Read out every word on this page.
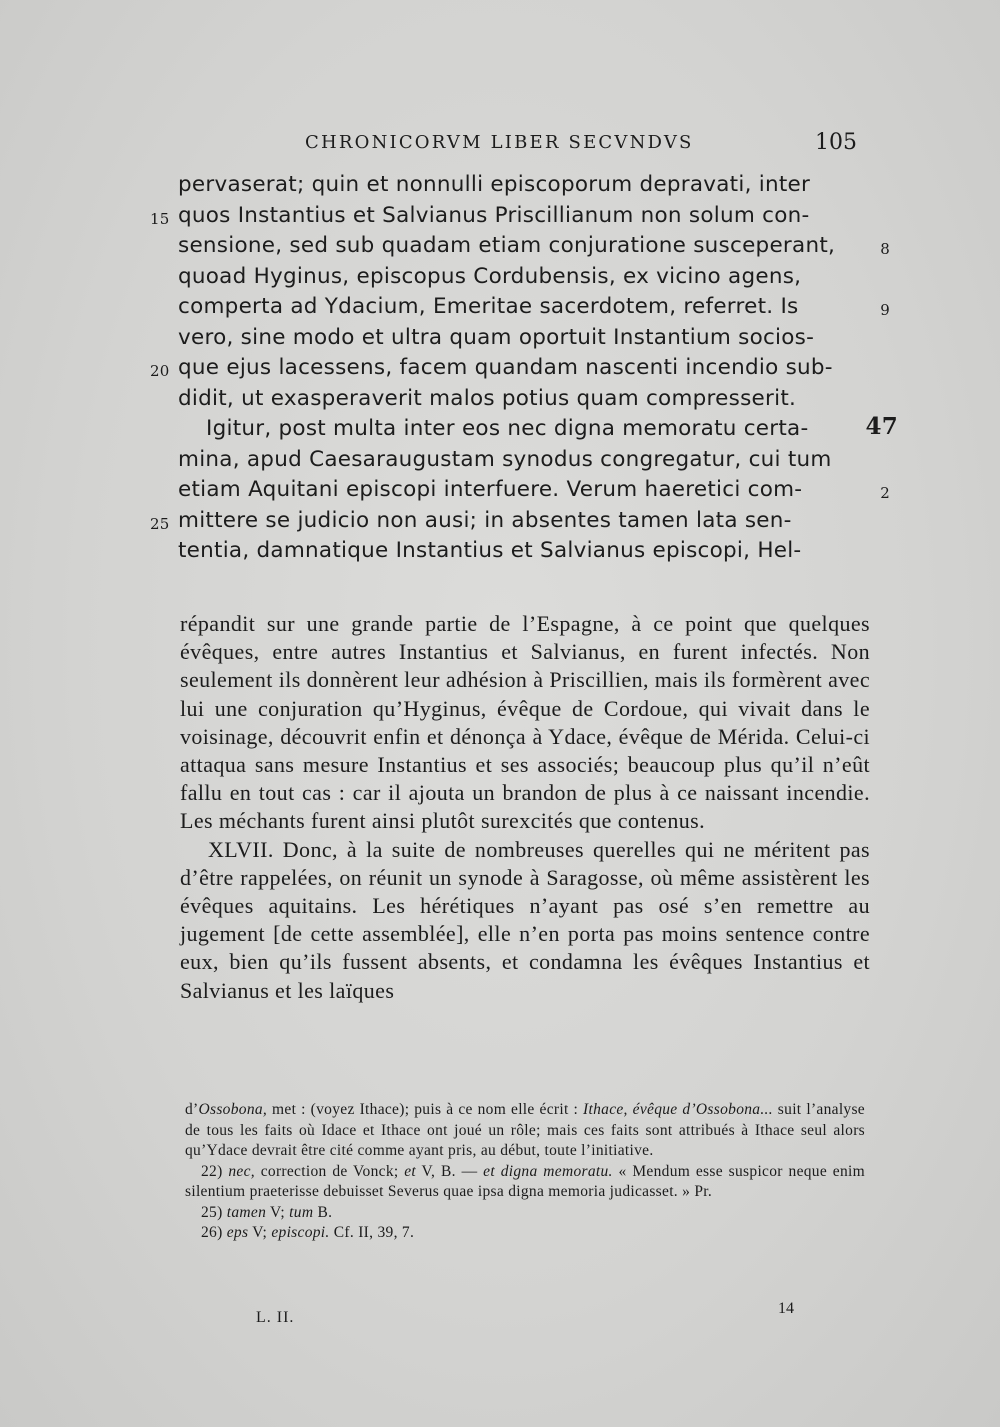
CHRONICORVM LIBER SECVNDVS	105
pervaserat; quin et nonnulli episcoporum depravati, inter
quos Instantius et Salvianus Priscillianum non solum con-
15
sensione, sed sub quadam etiam conjuratione susceperant,	8
quoad Hyginus, episcopus Cordubensis, ex vicino agens,
comperta ad Ydacium, Emeritae sacerdotem, referret. Is	9
vero, sine modo et ultra quam oportuit Instantium socios-
que ejus lacessens, facem quandam nascenti incendio sub-
20
didit, ut exasperaverit malos potius quam compresserit.
Igitur, post multa inter eos nec digna memoratu certa- 47
mina, apud Caesaraugustam synodus congregatur, cui tum
etiam Aquitani episcopi interfuere. Verum haeretici com-	2
mittere se judicio non ausi; in absentes tamen lata sen-
25
tentia, damnatique Instantius et Salvianus episcopi, Hel-

répandit sur une grande partie de l’Espagne, à ce point que quelques évêques, entre autres Instantius et Salvianus, en furent infectés. Non seulement ils donnèrent leur adhésion à Priscillien, mais ils formèrent avec lui une conjuration qu’Hyginus, évêque de Cordoue, qui vivait dans le voisinage, découvrit enfin et dénonça à Ydace, évêque de Mérida. Celui-ci attaqua sans mesure Instantius et ses associés; beaucoup plus qu’il n’eût fallu en tout cas : car il ajouta un brandon de plus à ce naissant incendie. Les méchants furent ainsi plutôt surexcités que contenus.

XLVII. Donc, à la suite de nombreuses querelles qui ne méritent pas d’être rappelées, on réunit un synode à Saragosse, où même assistèrent les évêques aquitains. Les hérétiques n’ayant pas osé s’en remettre au jugement [de cette assemblée], elle n’en porta pas moins sentence contre eux, bien qu’ils fussent absents, et condamna les évêques Instantius et Salvianus et les laïques

d’Ossobona, met : (voyez Ithace); puis à ce nom elle écrit : Ithace, évêque d’Ossobona... suit l’analyse de tous les faits où Idace et Ithace ont joué un rôle; mais ces faits sont attribués à Ithace seul alors qu’Ydace devrait être cité comme ayant pris, au début, toute l’initiative.

22) nec, correction de Vonck; et V, B. — et digna memoratu. « Mendum esse suspicor neque enim silentium praeterisse debuisset Severus quae ipsa digna memoria judicasset. » Pr.

25) tamen V; tum B.

26) eps V; episcopi. Cf. II, 39, 7.

L. II.
14
